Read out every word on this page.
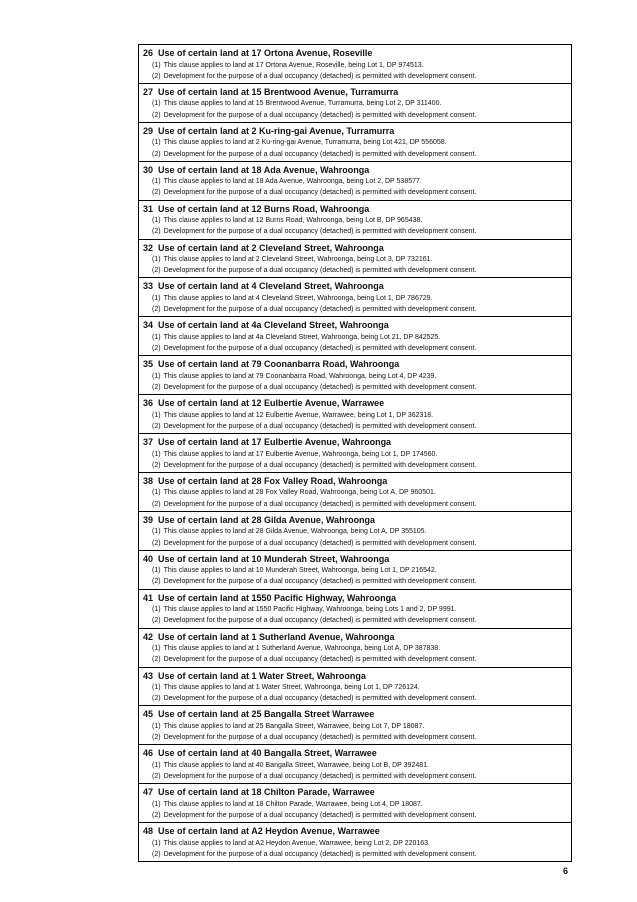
26 Use of certain land at 17 Ortona Avenue, Roseville
(1) This clause applies to land at 17 Ortona Avenue, Roseville, being Lot 1, DP 974513.
(2) Development for the purpose of a dual occupancy (detached) is permitted with development consent.
27 Use of certain land at 15 Brentwood Avenue, Turramurra
(1) This clause applies to land at 15 Brentwood Avenue, Turramurra, being Lot 2, DP 311400.
(2) Development for the purpose of a dual occupancy (detached) is permitted with development consent.
29 Use of certain land at 2 Ku-ring-gai Avenue, Turramurra
(1) This clause applies to land at 2 Ku-ring-gai Avenue, Turramurra, being Lot 421, DP 556058.
(2) Development for the purpose of a dual occupancy (detached) is permitted with development consent.
30 Use of certain land at 18 Ada Avenue, Wahroonga
(1) This clause applies to land at 18 Ada Avenue, Wahroonga, being Lot 2, DP 538577.
(2) Development for the purpose of a dual occupancy (detached) is permitted with development consent.
31 Use of certain land at 12 Burns Road, Wahroonga
(1) This clause applies to land at 12 Burns Road, Wahroonga, being Lot B, DP 965438.
(2) Development for the purpose of a dual occupancy (detached) is permitted with development consent.
32 Use of certain land at 2 Cleveland Street, Wahroonga
(1) This clause applies to land at 2 Cleveland Street, Wahroonga, being Lot 3, DP 732161.
(2) Development for the purpose of a dual occupancy (detached) is permitted with development consent.
33 Use of certain land at 4 Cleveland Street, Wahroonga
(1) This clause applies to land at 4 Cleveland Street, Wahroonga, being Lot 1, DP 786729.
(2) Development for the purpose of a dual occupancy (detached) is permitted with development consent.
34 Use of certain land at 4a Cleveland Street, Wahroonga
(1) This clause applies to land at 4a Cleveland Street, Wahroonga, being Lot 21, DP 842525.
(2) Development for the purpose of a dual occupancy (detached) is permitted with development consent.
35 Use of certain land at 79 Coonanbarra Road, Wahroonga
(1) This clause applies to land at 79 Coonanbarra Road, Wahroonga, being Lot 4, DP 4239.
(2) Development for the purpose of a dual occupancy (detached) is permitted with development consent.
36 Use of certain land at 12 Eulbertie Avenue, Warrawee
(1) This clause applies to land at 12 Eulbertie Avenue, Warrawee, being Lot 1, DP 362318.
(2) Development for the purpose of a dual occupancy (detached) is permitted with development consent.
37 Use of certain land at 17 Eulbertie Avenue, Wahroonga
(1) This clause applies to land at 17 Eulbertie Avenue, Wahroonga, being Lot 1, DP 174560.
(2) Development for the purpose of a dual occupancy (detached) is permitted with development consent.
38 Use of certain land at 28 Fox Valley Road, Wahroonga
(1) This clause applies to land at 28 Fox Valley Road, Wahroonga, being Lot A, DP 960501.
(2) Development for the purpose of a dual occupancy (detached) is permitted with development consent.
39 Use of certain land at 28 Gilda Avenue, Wahroonga
(1) This clause applies to land at 28 Gilda Avenue, Wahroonga, being Lot A, DP 355105.
(2) Development for the purpose of a dual occupancy (detached) is permitted with development consent.
40 Use of certain land at 10 Munderah Street, Wahroonga
(1) This clause applies to land at 10 Munderah Street, Wahroonga, being Lot 1, DP 216542.
(2) Development for the purpose of a dual occupancy (detached) is permitted with development consent.
41 Use of certain land at 1550 Pacific Highway, Wahroonga
(1) This clause applies to land at 1550 Pacific Highway, Wahroonga, being Lots 1 and 2, DP 9991.
(2) Development for the purpose of a dual occupancy (detached) is permitted with development consent.
42 Use of certain land at 1 Sutherland Avenue, Wahroonga
(1) This clause applies to land at 1 Sutherland Avenue, Wahroonga, being Lot A, DP 387838.
(2) Development for the purpose of a dual occupancy (detached) is permitted with development consent.
43 Use of certain land at 1 Water Street, Wahroonga
(1) This clause applies to land at 1 Water Street, Wahroonga, being Lot 1, DP 726124.
(2) Development for the purpose of a dual occupancy (detached) is permitted with development consent.
45 Use of certain land at 25 Bangalla Street Warrawee
(1) This clause applies to land at 25 Bangalla Street, Warrawee, being Lot 7, DP 18087.
(2) Development for the purpose of a dual occupancy (detached) is permitted with development consent.
46 Use of certain land at 40 Bangalla Street, Warrawee
(1) This clause applies to land at 40 Bangalla Street, Warrawee, being Lot B, DP 392481.
(2) Development for the purpose of a dual occupancy (detached) is permitted with development consent.
47 Use of certain land at 18 Chilton Parade, Warrawee
(1) This clause applies to land at 18 Chilton Parade, Warrawee, being Lot 4, DP 18087.
(2) Development for the purpose of a dual occupancy (detached) is permitted with development consent.
48 Use of certain land at A2 Heydon Avenue, Warrawee
(1) This clause applies to land at A2 Heydon Avenue, Warrawee, being Lot 2, DP 220163.
(2) Development for the purpose of a dual occupancy (detached) is permitted with development consent.
6
